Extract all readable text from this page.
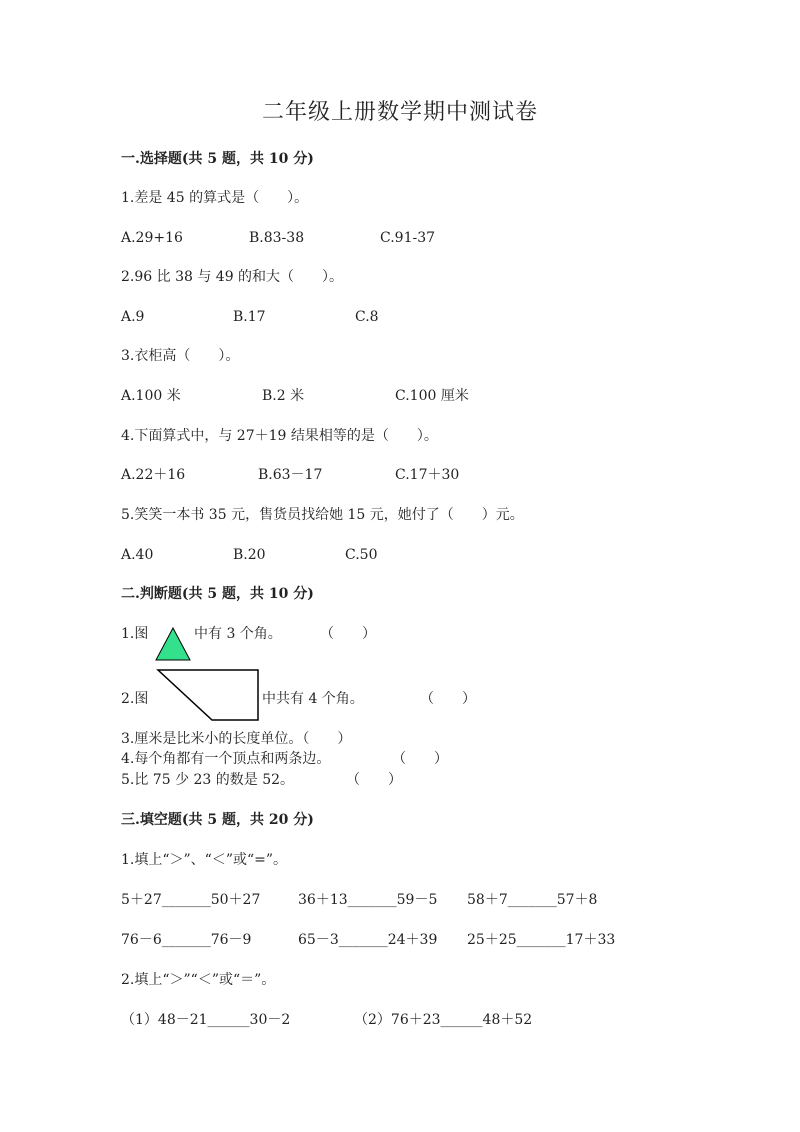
二年级上册数学期中测试卷
一.选择题(共 5 题，共 10 分)
1.差是 45 的算式是（　　）。
A.29+16	B.83-38	C.91-37
2.96 比 38 与 49 的和大（　　）。
A.9	B.17	C.8
3.衣柜高（　　）。
A.100 米	B.2 米	C.100 厘米
4.下面算式中，与 27＋19 结果相等的是（　　）。
A.22＋16	B.63－17	C.17＋30
5.笑笑一本书 35 元，售货员找给她 15 元，她付了（　　）元。
A.40	B.20	C.50
二.判断题(共 5 题，共 10 分)
1.图	中有 3 个角。	（　　）
2.图	中共有 4 个角。	（　　）
3.厘米是比米小的长度单位。（　　）
4.每个角都有一个顶点和两条边。	（　　）
5.比 75 少 23 的数是 52。	（　　）
三.填空题(共 5 题，共 20 分)
1.填上“＞”、“＜”或“=”。
5＋27_______50＋27	36＋13_______59－5 58＋7_______57＋8
76－6_______76－9	65－3_______24＋39 25＋25_______17＋33
2.填上“＞”“＜”或“＝”。
（1）48－21______30－2	（2）76＋23______48＋52
